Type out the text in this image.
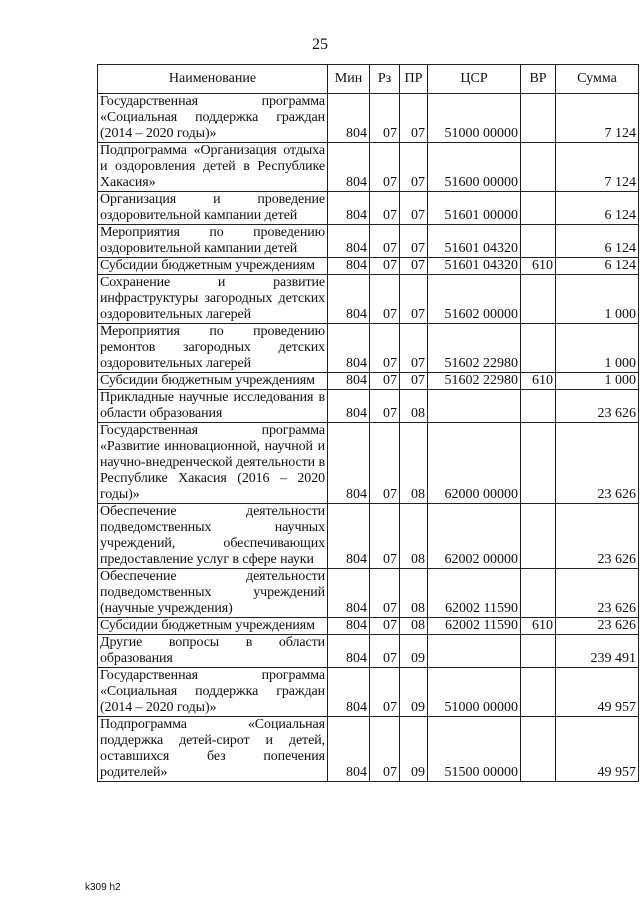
25
Наименование	Мин	Рз	ПР	ЦСР	ВР	Сумма
Государственная программа «Социальная поддержка граждан (2014 – 2020 годы)»	804	07	07	51000 00000		7 124
Подпрограмма «Организация отдыха и оздоровления детей в Республике Хакасия»	804	07	07	51600 00000		7 124
Организация и проведение оздоровительной кампании детей	804	07	07	51601 00000		6 124
Мероприятия по проведению оздоровительной кампании детей	804	07	07	51601 04320		6 124
Субсидии бюджетным учреждениям	804	07	07	51601 04320	610	6 124
Сохранение и развитие инфраструктуры загородных детских оздоровительных лагерей	804	07	07	51602 00000		1 000
Мероприятия по проведению ремонтов загородных детских оздоровительных лагерей	804	07	07	51602 22980		1 000
Субсидии бюджетным учреждениям	804	07	07	51602 22980	610	1 000
Прикладные научные исследования в области образования	804	07	08			23 626
Государственная программа «Развитие инновационной, научной и научно-внедренческой деятельности в Республике Хакасия (2016 – 2020 годы)»	804	07	08	62000 00000		23 626
Обеспечение деятельности подведомственных научных учреждений, обеспечивающих предоставление услуг в сфере науки	804	07	08	62002 00000		23 626
Обеспечение деятельности подведомственных учреждений (научные учреждения)	804	07	08	62002 11590		23 626
Субсидии бюджетным учреждениям	804	07	08	62002 11590	610	23 626
Другие вопросы в области образования	804	07	09			239 491
Государственная программа «Социальная поддержка граждан (2014 – 2020 годы)»	804	07	09	51000 00000		49 957
Подпрограмма «Социальная поддержка детей-сирот и детей, оставшихся без попечения родителей»	804	07	09	51500 00000		49 957
k309 h2
